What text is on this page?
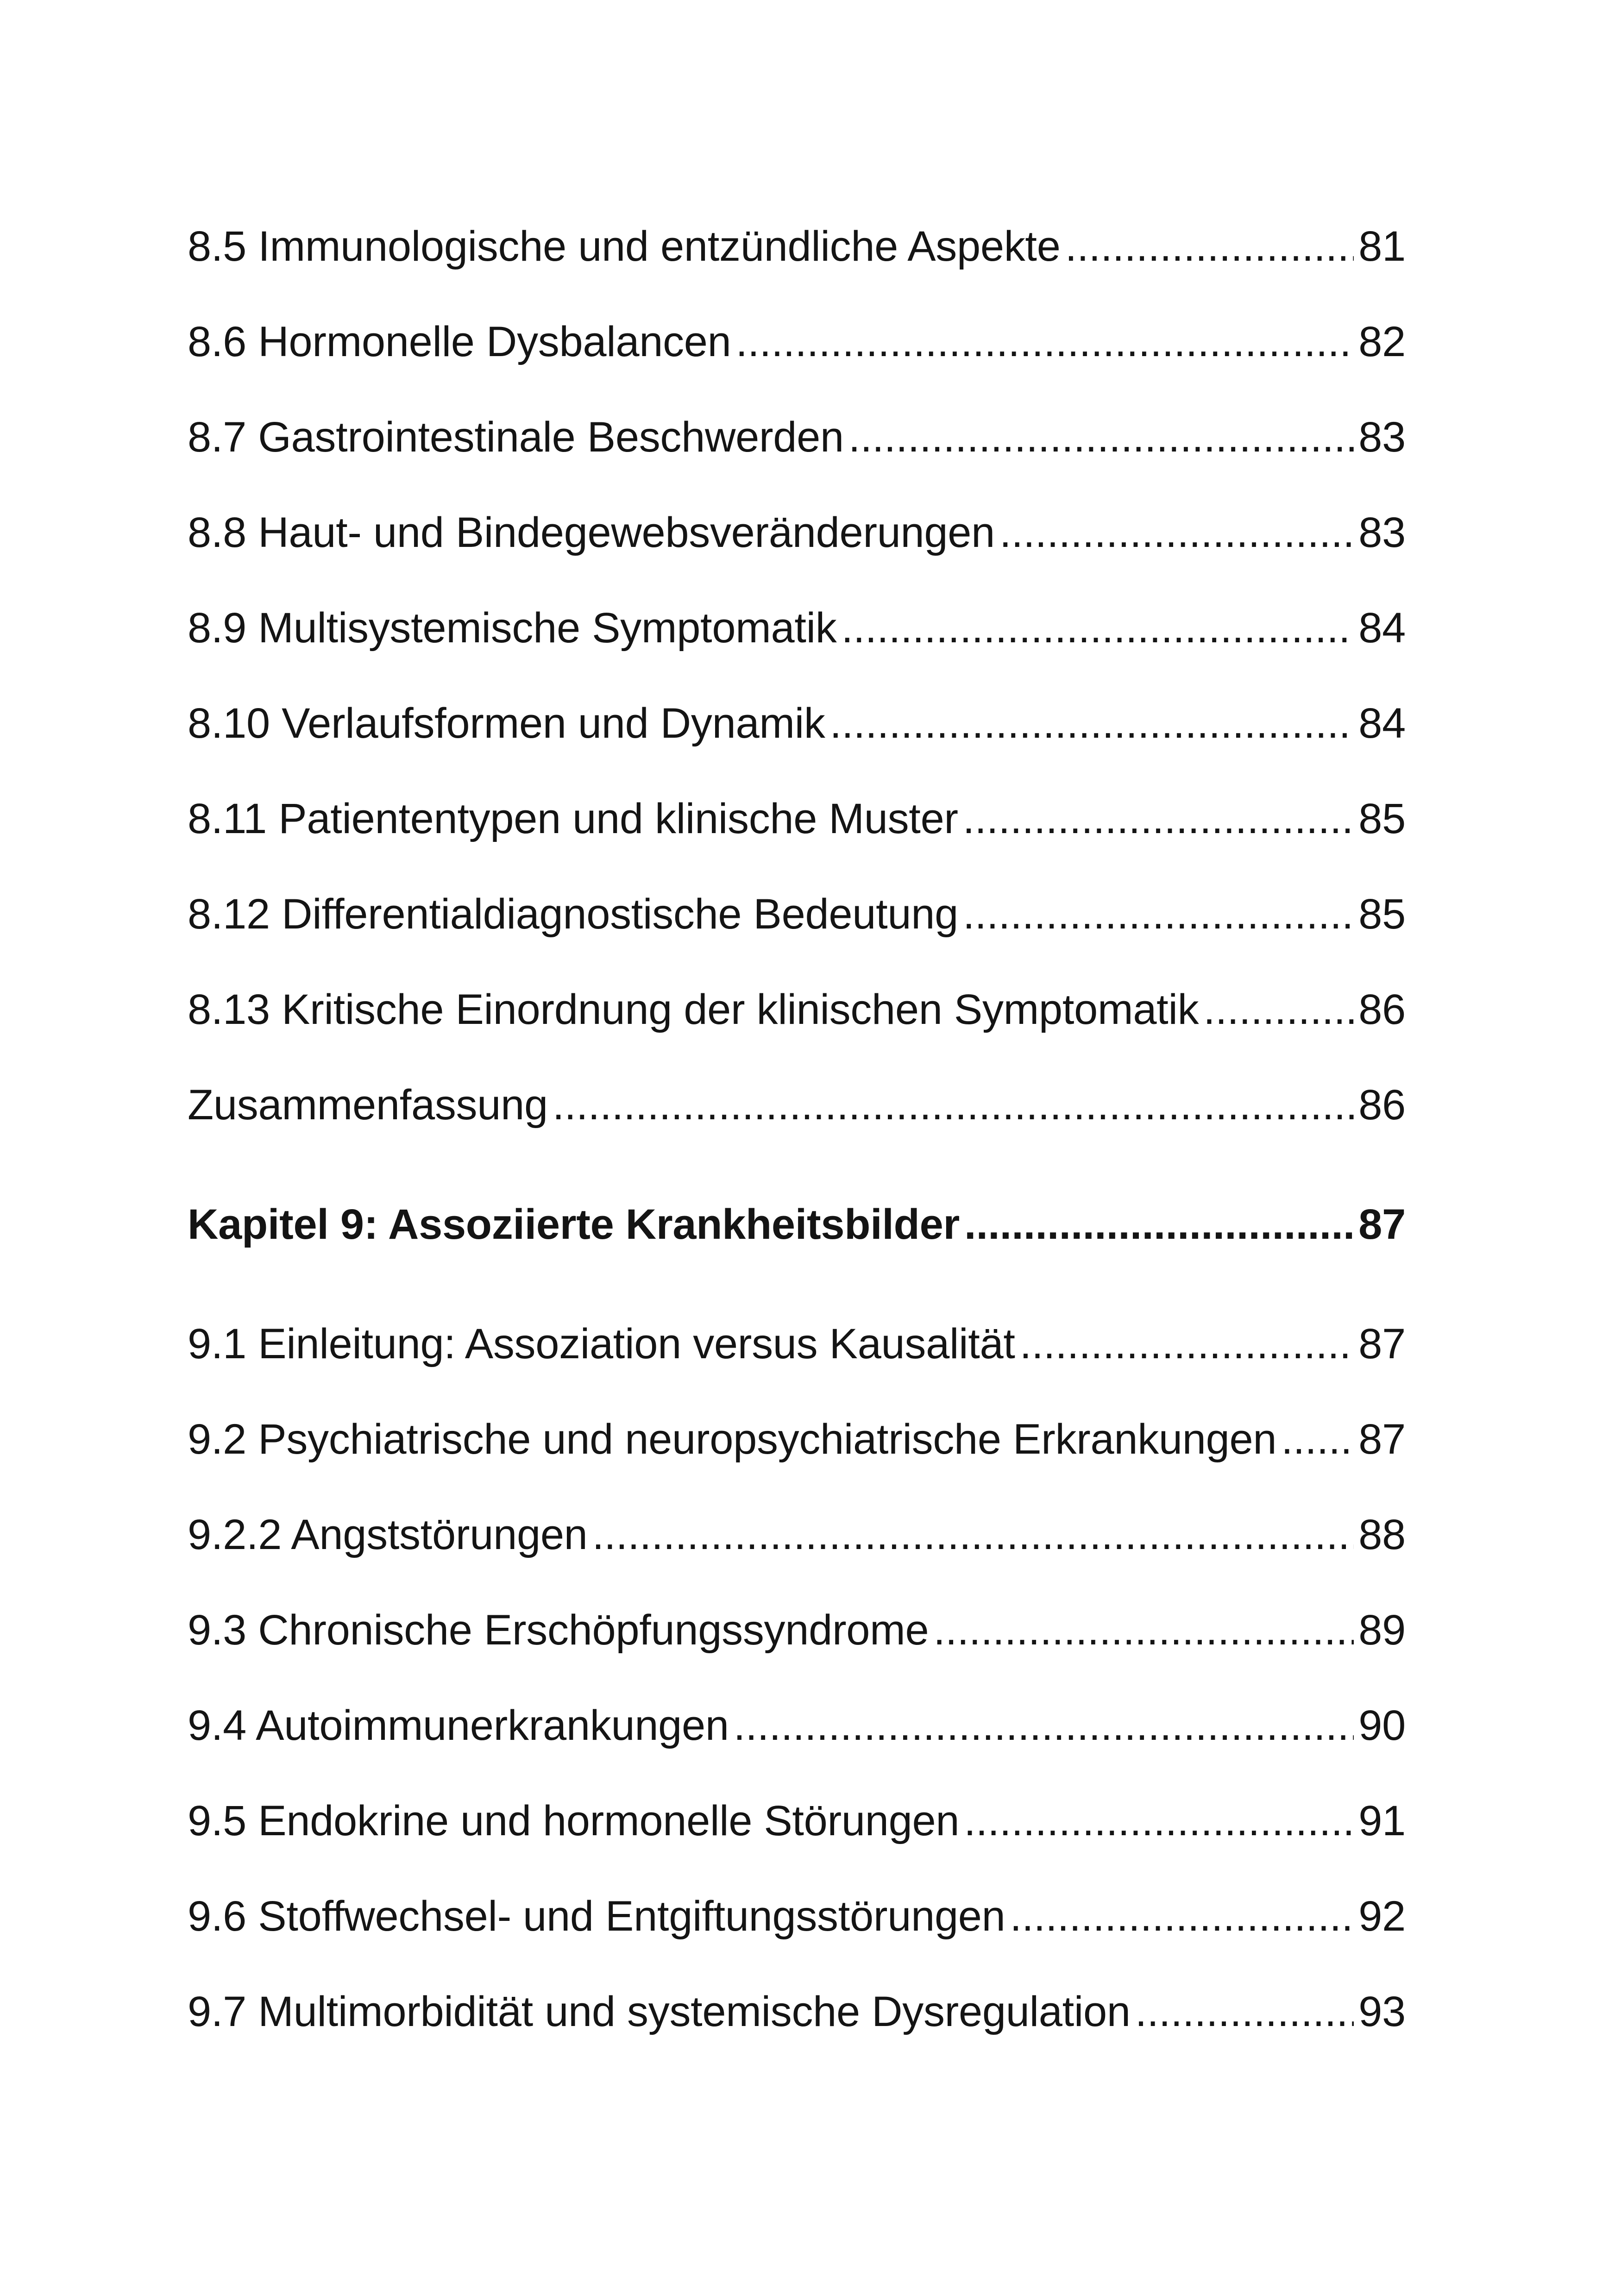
8.5 Immunologische und entzündliche Aspekte .....	81
8.6 Hormonelle Dysbalancen .....	82
8.7 Gastrointestinale Beschwerden .....	83
8.8 Haut- und Bindegewebsveränderungen .....	83
8.9 Multisystemische Symptomatik .....	84
8.10 Verlaufsformen und Dynamik .....	84
8.11 Patiententypen und klinische Muster .....	85
8.12 Differentialdiagnostische Bedeutung .....	85
8.13 Kritische Einordnung der klinischen Symptomatik .....	86
Zusammenfassung .....	86
Kapitel 9: Assoziierte Krankheitsbilder .....	87
9.1 Einleitung: Assoziation versus Kausalität .....	87
9.2 Psychiatrische und neuropsychiatrische Erkrankungen ..... 87
9.2.2 Angststörungen .....	88
9.3 Chronische Erschöpfungssyndrome .....	89
9.4 Autoimmunerkrankungen .....	90
9.5 Endokrine und hormonelle Störungen .....	91
9.6 Stoffwechsel- und Entgiftungsstörungen .....	92
9.7 Multimorbidität und systemische Dysregulation .....	93
